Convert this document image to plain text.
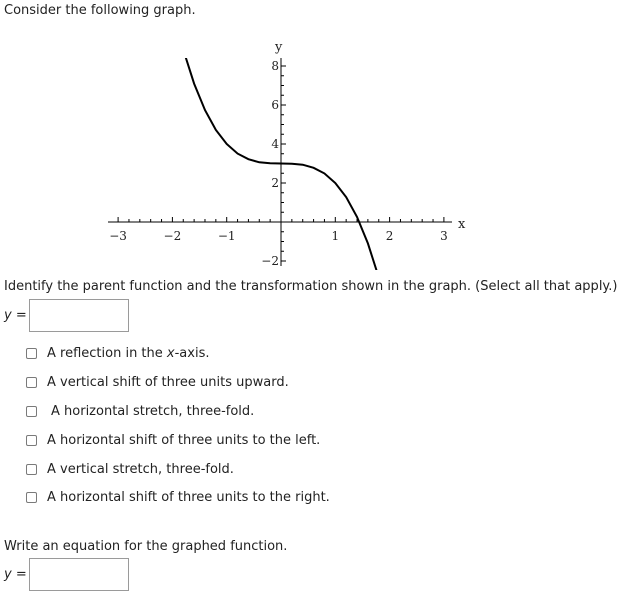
Consider the following graph.
−3	−2	−1	1	2	3
8
6
4
2
−2
x
y
Identify the parent function and the transformation shown in the graph. (Select all that apply.)
y =
A reflection in the x-axis.
A vertical shift of three units upward.
A horizontal stretch, three-fold.
A horizontal shift of three units to the left.
A vertical stretch, three-fold.
A horizontal shift of three units to the right.
Write an equation for the graphed function.
y =
